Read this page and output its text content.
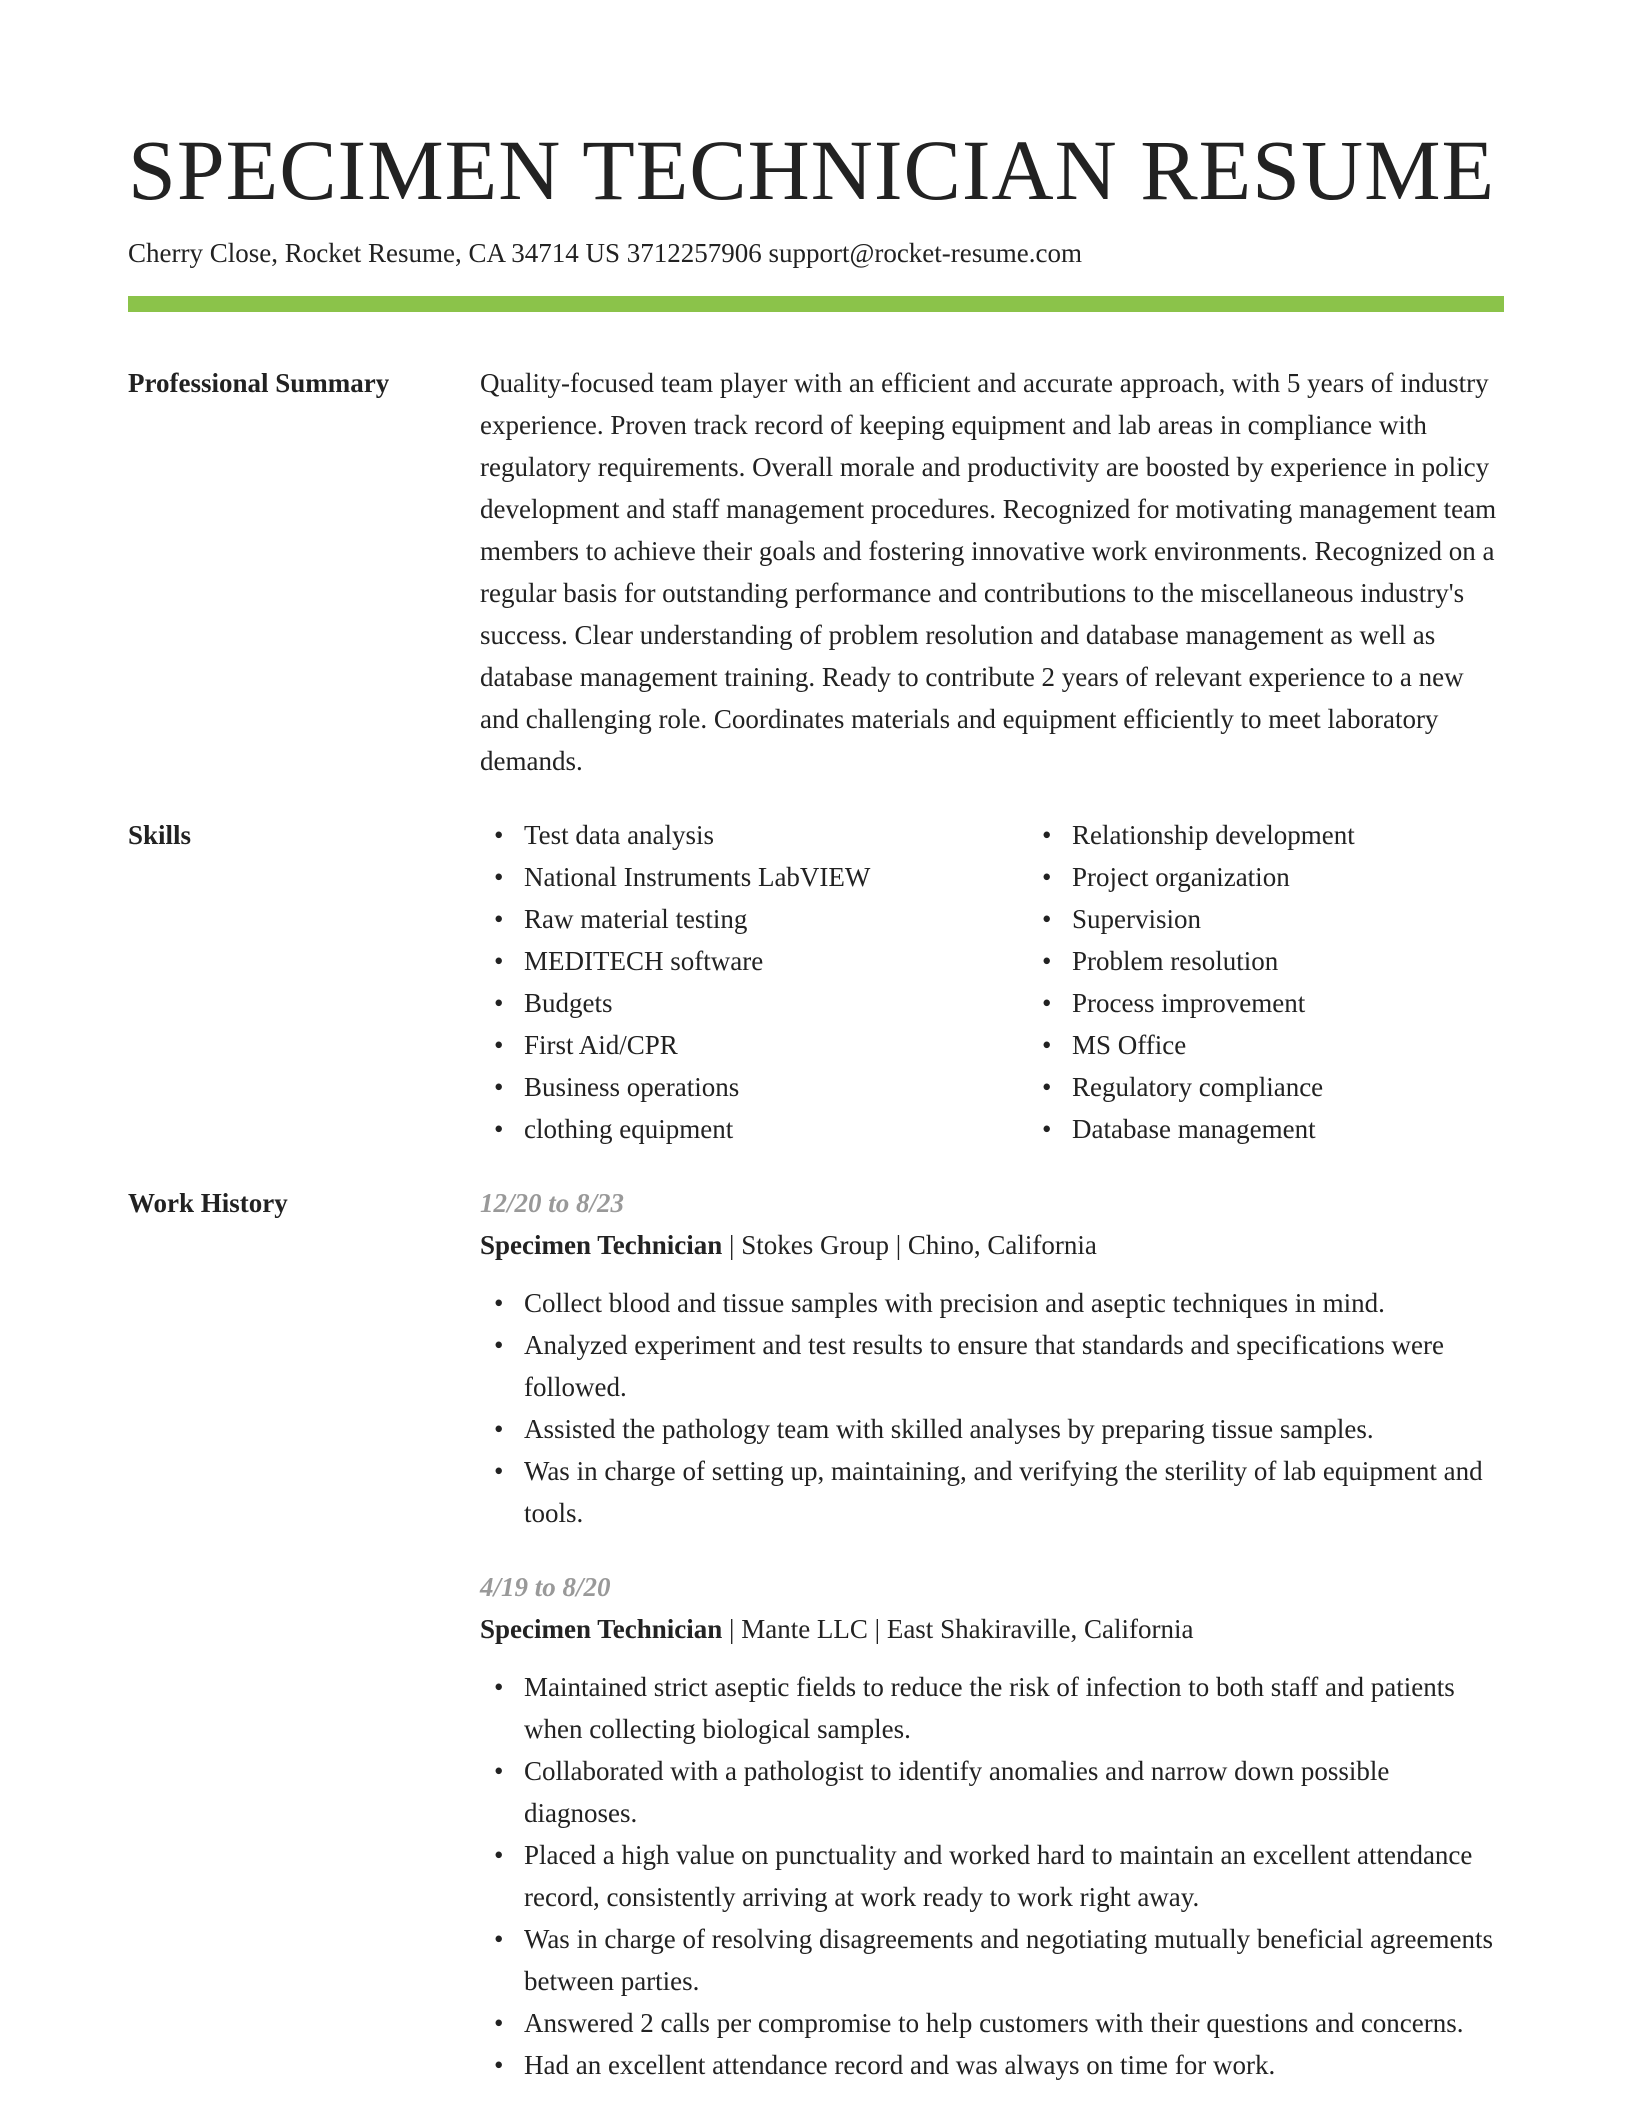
SPECIMEN TECHNICIAN RESUME
Cherry Close, Rocket Resume, CA 34714 US 3712257906 support@rocket-resume.com
Professional Summary	Quality-focused team player with an efficient and accurate approach, with 5 years of industry experience. Proven track record of keeping equipment and lab areas in compliance with regulatory requirements. Overall morale and productivity are boosted by experience in policy development and staff management procedures. Recognized for motivating management team members to achieve their goals and fostering innovative work environments. Recognized on a regular basis for outstanding performance and contributions to the miscellaneous industry's success. Clear understanding of problem resolution and database management as well as database management training. Ready to contribute 2 years of relevant experience to a new and challenging role. Coordinates materials and equipment efficiently to meet laboratory demands.

Skills
•	Test data analysis
• National Instruments LabVIEW
• Raw material testing
• MEDITECH software
• Budgets
• First Aid/CPR
• Business operations
• clothing equipment
• Relationship development
• Project organization
• Supervision
• Problem resolution
• Process improvement
• MS Office
• Regulatory compliance
• Database management
Work History	12/20 to 8/23
Specimen Technician | Stokes Group | Chino, California
• Collect blood and tissue samples with precision and aseptic techniques in mind.
• Analyzed experiment and test results to ensure that standards and specifications were followed.
• Assisted the pathology team with skilled analyses by preparing tissue samples.
• Was in charge of setting up, maintaining, and verifying the sterility of lab equipment and tools.
4/19 to 8/20
Specimen Technician | Mante LLC | East Shakiraville, California
• Maintained strict aseptic fields to reduce the risk of infection to both staff and patients when collecting biological samples.
• Collaborated with a pathologist to identify anomalies and narrow down possible diagnoses.
• Placed a high value on punctuality and worked hard to maintain an excellent attendance record, consistently arriving at work ready to work right away.
• Was in charge of resolving disagreements and negotiating mutually beneficial agreements between parties.
• Answered 2 calls per compromise to help customers with their questions and concerns.
• Had an excellent attendance record and was always on time for work.
